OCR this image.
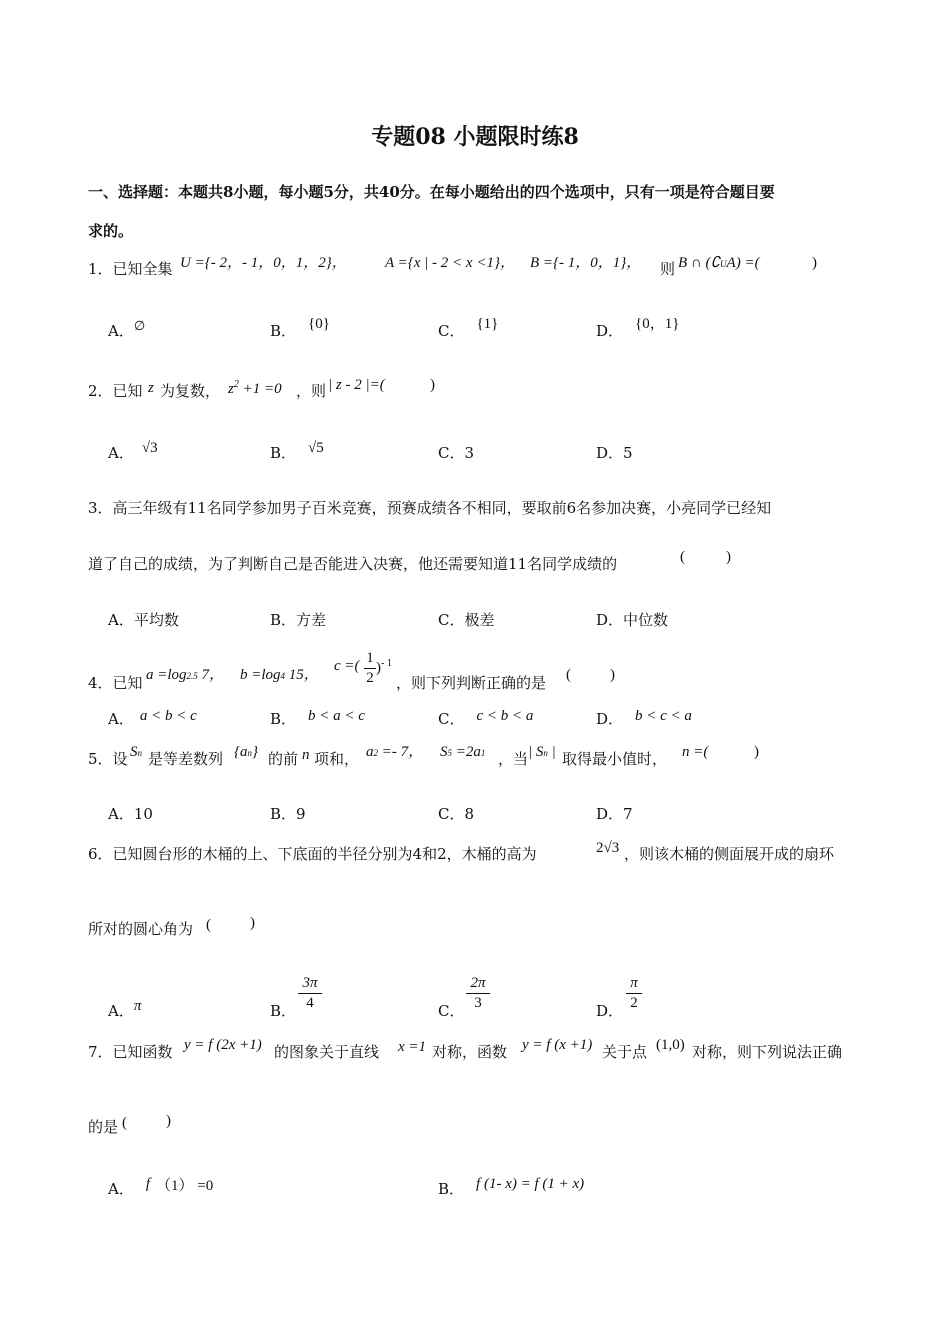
专题08 小题限时练8
一、选择题：本题共8小题，每小题5分，共40分。在每小题给出的四个选项中，只有一项是符合题目要
求的。
1．已知全集 U ={- 2，- 1，0，1，2}，	A ={x | - 2 < x <1}， B ={- 1，0，1}， 则 B ∩ (∁UA) =(	)
A．∅	B． {0}	C． {1}	D． {0，1}
2．已知 z 为复数， $z^2 +1 =0$ ，则 | z - 2 |=(	)
A． √3	B． √5	C．3	D．5
3．高三年级有11名同学参加男子百米竞赛，预赛成绩各不相同，要取前6名参加决赛，小亮同学已经知
道了自己的成绩，为了判断自己是否能进入决赛，他还需要知道11名同学成绩的	(	)
A．平均数	B．方差	C．极差	D．中位数
4．已知 a =log2.5 7， b =log4 15，
c =( 1
2
)$^{- 1}$
，则下列判断正确的是 (	)
A． a < b < c	B． b < a < c	C． c < b < a	D． b < c < a
5．设 Sn 是等差数列 {an} 的前 n 项和， a2 =- 7， S5 =2a1 ，当 | Sn | 取得最小值时， n =(	)
A．10	B．9	C．8	D．7
6．已知圆台形的木桶的上、下底面的半径分别为4和2，木桶的高为	2√3 ，则该木桶的侧面展开成的扇环
所对的圆心角为 (	)
A．π	B．
3π
4	C．
2π
3	D．
π
2
7．已知函数 y = f (2x +1) 的图象关于直线 x =1 对称，函数 y = f (x +1) 关于点 (1,0) 对称，则下列说法正确
的是 (	)
A． f （1） =0	B． f (1- x) = f (1 + x)
